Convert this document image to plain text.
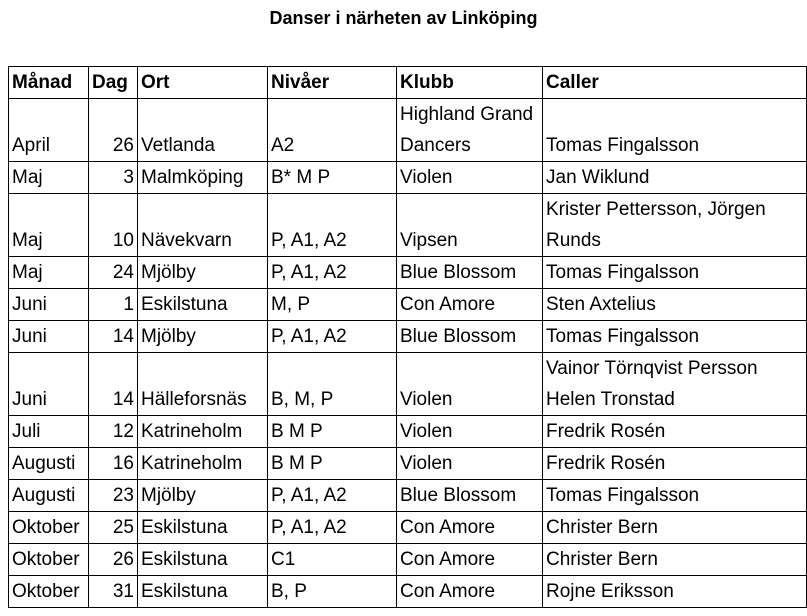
Danser i närheten av Linköping
Månad	Dag	Ort	Nivåer	Klubb	Caller
April	26	Vetlanda	A2	Highland Grand Dancers	Tomas Fingalsson
Maj	3	Malmköping	B* M P	Violen	Jan Wiklund
Maj	10	Nävekvarn	P, A1, A2	Vipsen	Krister Pettersson, Jörgen Runds
Maj	24	Mjölby	P, A1, A2	Blue Blossom	Tomas Fingalsson
Juni	1	Eskilstuna	M, P	Con Amore	Sten Axtelius
Juni	14	Mjölby	P, A1, A2	Blue Blossom	Tomas Fingalsson
Juni	14	Hälleforsnäs	B, M, P	Violen	Vainor Törnqvist Persson Helen Tronstad
Juli	12	Katrineholm	B M P	Violen	Fredrik Rosén
Augusti	16	Katrineholm	B M P	Violen	Fredrik Rosén
Augusti	23	Mjölby	P, A1, A2	Blue Blossom	Tomas Fingalsson
Oktober	25	Eskilstuna	P, A1, A2	Con Amore	Christer Bern
Oktober	26	Eskilstuna	C1	Con Amore	Christer Bern
Oktober	31	Eskilstuna	B, P	Con Amore	Rojne Eriksson
